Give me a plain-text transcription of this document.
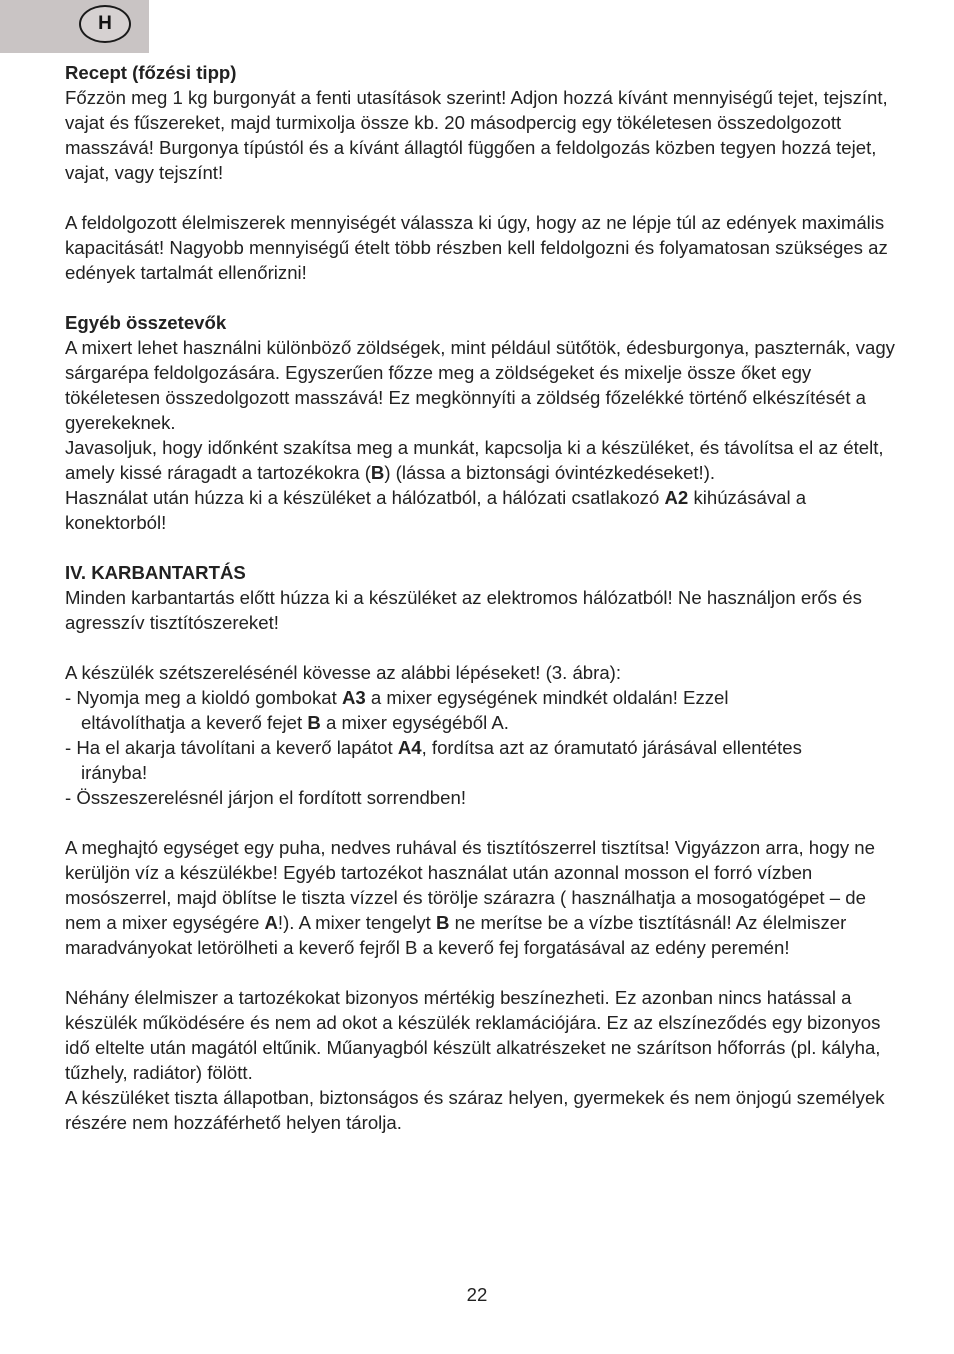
H

Recept (főzési tipp)

Főzzön meg 1 kg burgonyát a fenti utasítások szerint! Adjon hozzá kívánt mennyiségű tejet, tejszínt, vajat és fűszereket, majd turmixolja össze kb. 20 másodpercig egy tökéletesen összedolgozott masszává! Burgonya típústól és a kívánt állagtól függően a feldolgozás közben tegyen hozzá tejet, vajat, vagy tejszínt!

A feldolgozott élelmiszerek mennyiségét válassza ki úgy, hogy az ne lépje túl az edények maximális kapacitását! Nagyobb mennyiségű ételt több részben kell feldolgozni és folyamatosan szükséges az edények tartalmát ellenőrizni!

Egyéb összetevők

A mixert lehet használni különböző zöldségek, mint például sütőtök, édesburgonya, paszternák, vagy sárgarépa feldolgozására. Egyszerűen főzze meg a zöldségeket és mixelje össze őket egy tökéletesen összedolgozott masszává! Ez megkönnyíti a zöldség főzelékké történő elkészítését a gyerekeknek.

Javasoljuk, hogy időnként szakítsa meg a munkát, kapcsolja ki a készüléket, és távolítsa el az ételt, amely kissé ráragadt a tartozékokra (B) (lássa a biztonsági óvintézkedéseket!).

Használat után húzza ki a készüléket a hálózatból, a hálózati csatlakozó A2 kihúzásával a konektorból!

IV. KARBANTARTÁS

Minden karbantartás előtt húzza ki a készüléket az elektromos hálózatból! Ne használjon erős és agresszív tisztítószereket!

A készülék szétszerelésénél kövesse az alábbi lépéseket! (3. ábra):

- Nyomja meg a kioldó gombokat A3 a mixer egységének mindkét oldalán! Ezzel

eltávolíthatja a keverő fejet B a mixer egységéből A.

- Ha el akarja távolítani a keverő lapátot A4, fordítsa azt az óramutató járásával ellentétes

irányba!

- Összeszerelésnél járjon el fordított sorrendben!

A meghajtó egységet egy puha, nedves ruhával és tisztítószerrel tisztítsa! Vigyázzon arra, hogy ne kerüljön víz a készülékbe! Egyéb tartozékot használat után azonnal mosson el forró vízben mosószerrel, majd öblítse le tiszta vízzel és törölje szárazra ( használhatja a mosogatógépet – de nem a mixer egységére A!). A mixer tengelyt B ne merítse be a vízbe tisztításnál! Az élelmiszer maradványokat letörölheti a keverő fejről B a keverő fej forgatásával az edény peremén!

Néhány élelmiszer a tartozékokat bizonyos mértékig beszínezheti. Ez azonban nincs hatással a készülék működésére és nem ad okot a készülék reklamációjára. Ez az elszíneződés egy bizonyos idő eltelte után magától eltűnik. Műanyagból készült alkatrészeket ne szárítson hőforrás (pl. kályha, tűzhely, radiátor) fölött.

A készüléket tiszta állapotban, biztonságos és száraz helyen, gyermekek és nem önjogú személyek részére nem hozzáférhető helyen tárolja.

22
